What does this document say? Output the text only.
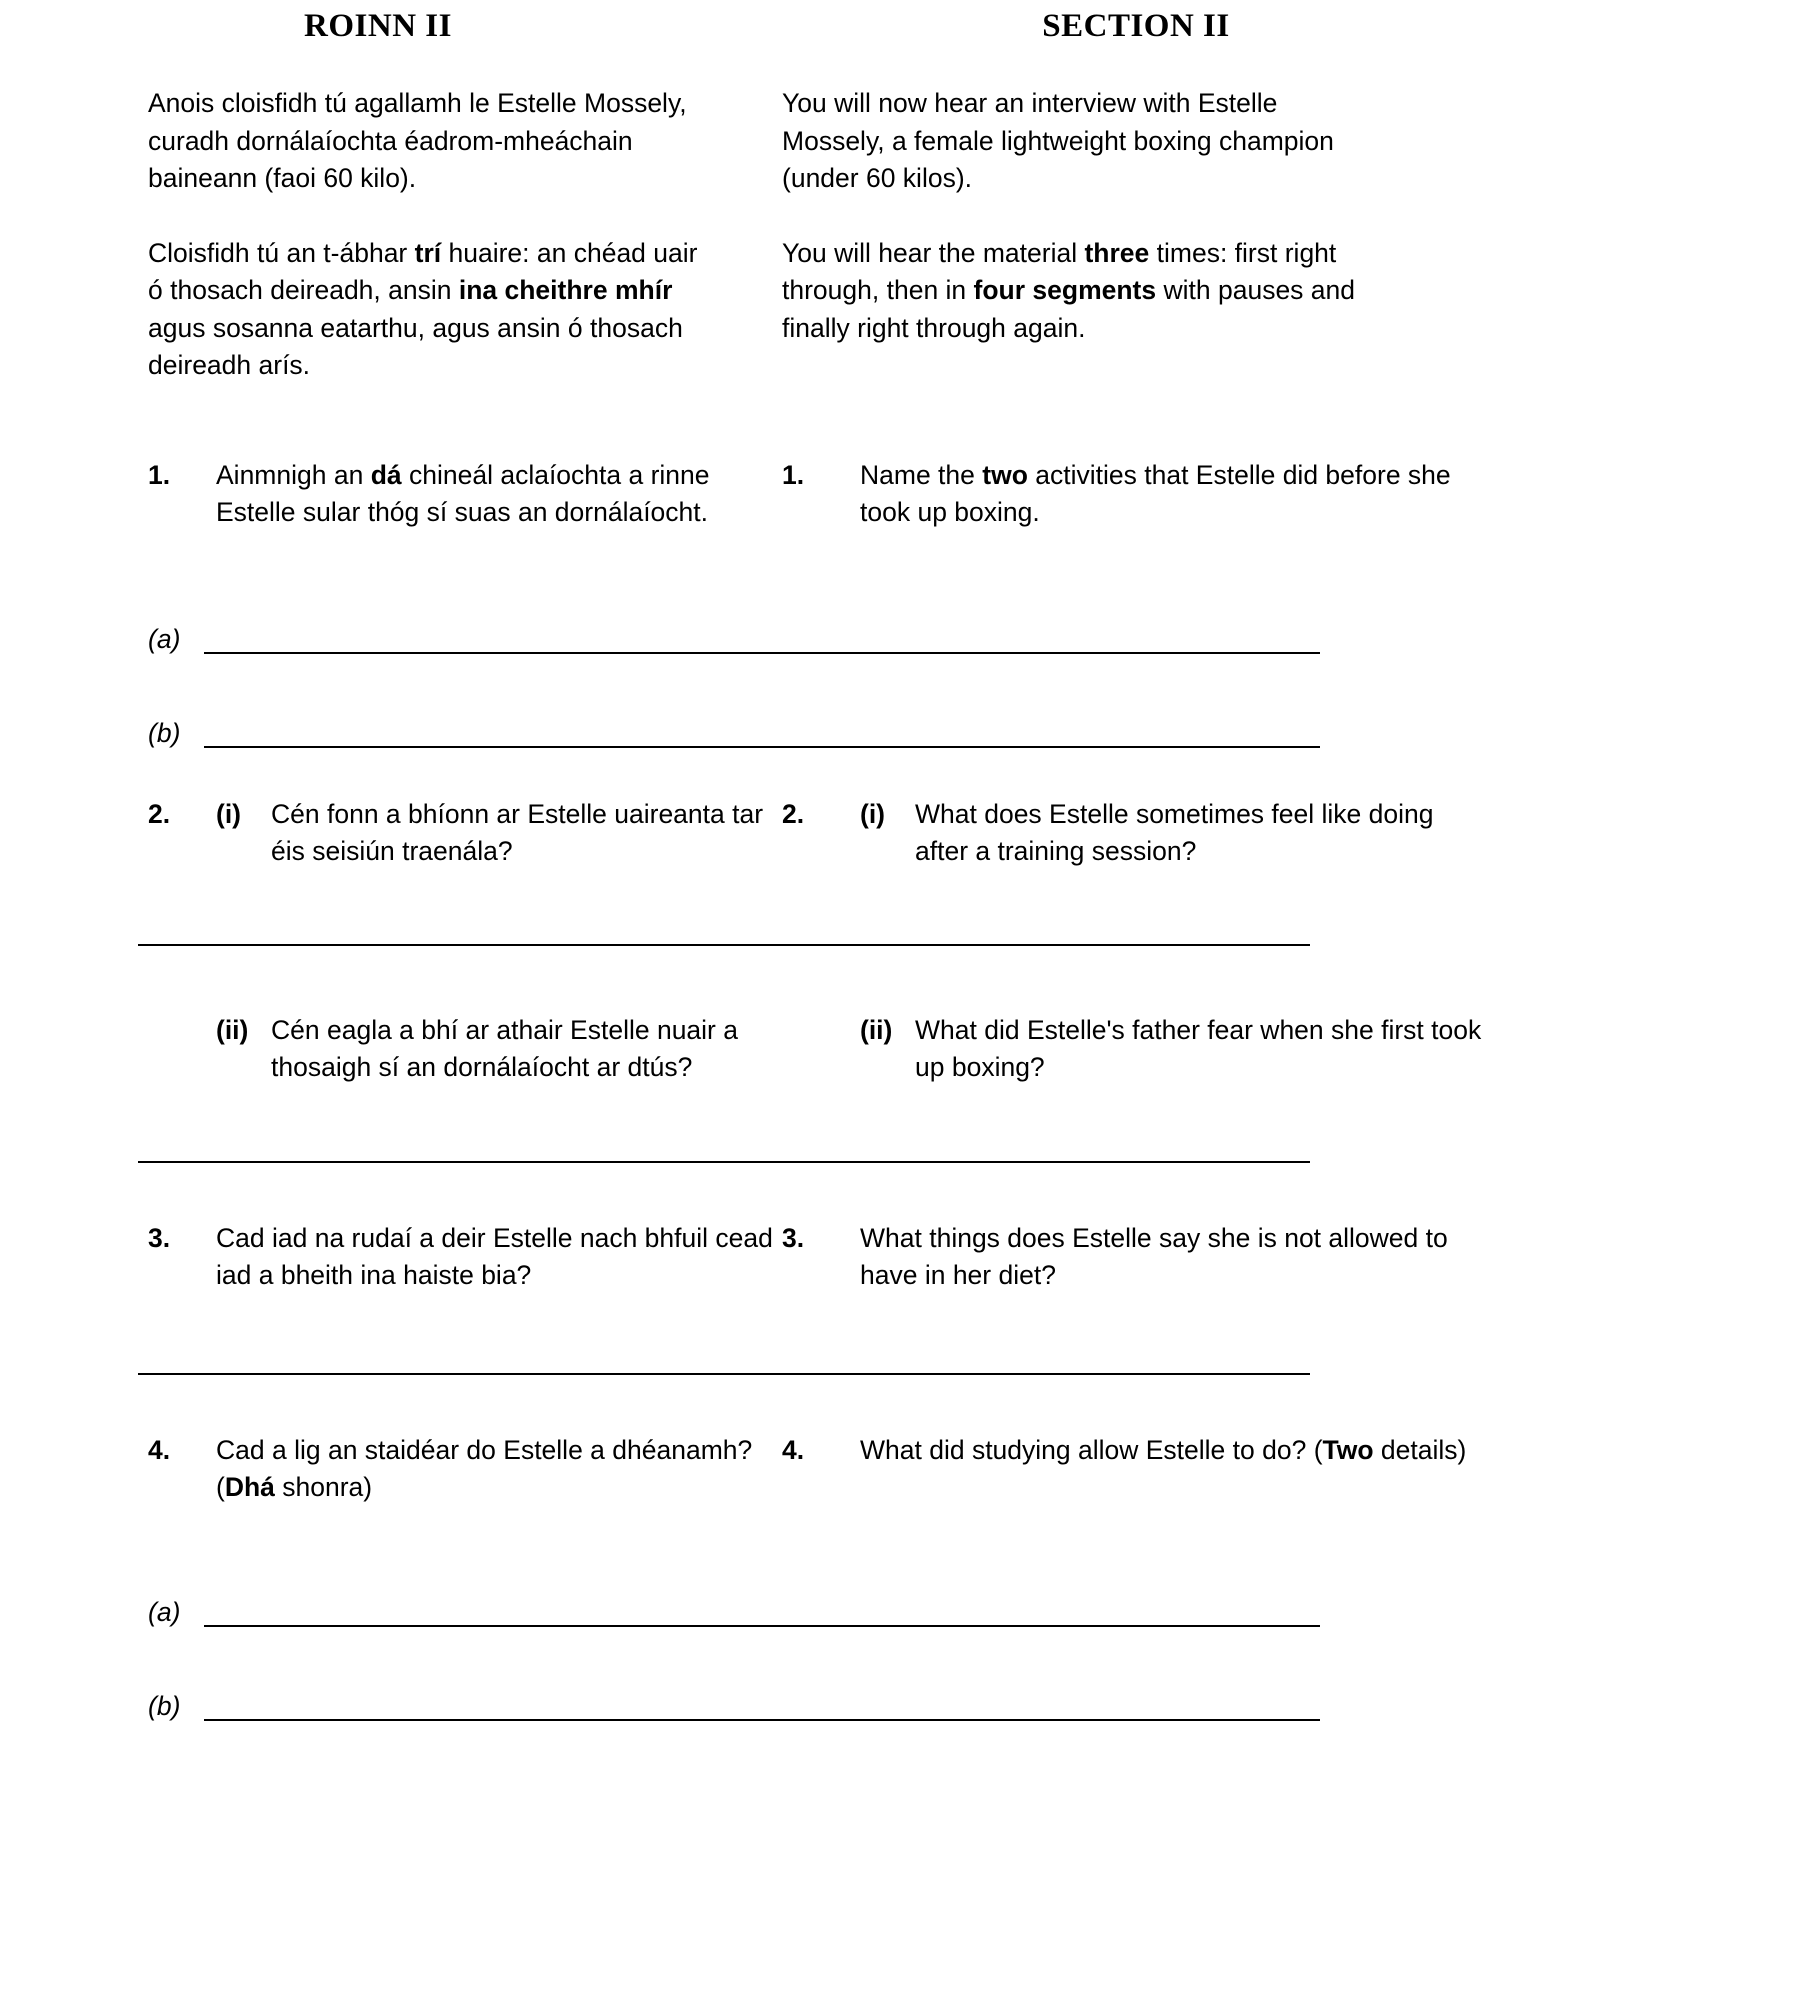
ROINN II	SECTION II

Anois cloisfidh tú agallamh le Estelle Mossely, curadh dornálaíochta éadrom-mheáchain baineann (faoi 60 kilo).

You will now hear an interview with Estelle Mossely, a female lightweight boxing champion (under 60 kilos).

Cloisfidh tú an t-ábhar trí huaire: an chéad uair ó thosach deireadh, ansin ina cheithre mhír agus sosanna eatarthu, agus ansin ó thosach deireadh arís.

You will hear the material three times: first right through, then in four segments with pauses and finally right through again.

1.	Ainmnigh an dá chineál aclaíochta a rinne Estelle sular thóg sí suas an dornálaíocht.
1.	Name the two activities that Estelle did before she took up boxing.
(a)
(b)
2.	(i)	Cén fonn a bhíonn ar Estelle uaireanta tar éis seisiún traenála?
2.	(i)	What does Estelle sometimes feel like doing after a training session?
(ii) Cén eagla a bhí ar athair Estelle nuair a thosaigh sí an dornálaíocht ar dtús?
(ii) What did Estelle's father fear when she first took up boxing?
3.	Cad iad na rudaí a deir Estelle nach bhfuil cead iad a bheith ina haiste bia?
3.	What things does Estelle say she is not allowed to have in her diet?
4.	Cad a lig an staidéar do Estelle a dhéanamh? (Dhá shonra)
4.	What did studying allow Estelle to do? (Two details)
(a)
(b)
